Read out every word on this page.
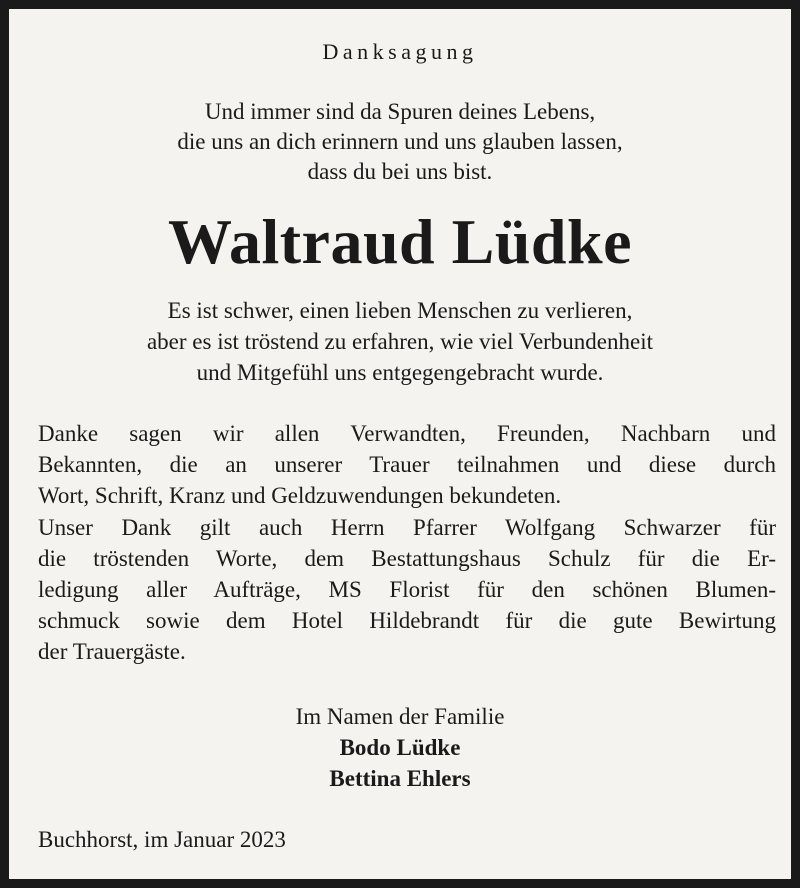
Danksagung
Und immer sind da Spuren deines Lebens,
die uns an dich erinnern und uns glauben lassen,
dass du bei uns bist.
Waltraud Lüdke
Es ist schwer, einen lieben Menschen zu verlieren,
aber es ist tröstend zu erfahren, wie viel Verbundenheit
und Mitgefühl uns entgegengebracht wurde.
Danke sagen wir allen Verwandten, Freunden, Nachbarn und
Bekannten, die an unserer Trauer teilnahmen und diese durch
Wort, Schrift, Kranz und Geldzuwendungen bekundeten.
Unser Dank gilt auch Herrn Pfarrer Wolfgang Schwarzer für
die tröstenden Worte, dem Bestattungshaus Schulz für die Er-
ledigung aller Aufträge, MS Florist für den schönen Blumen-
schmuck sowie dem Hotel Hildebrandt für die gute Bewirtung
der Trauergäste.
Im Namen der Familie
Bodo Lüdke
Bettina Ehlers
Buchhorst, im Januar 2023
